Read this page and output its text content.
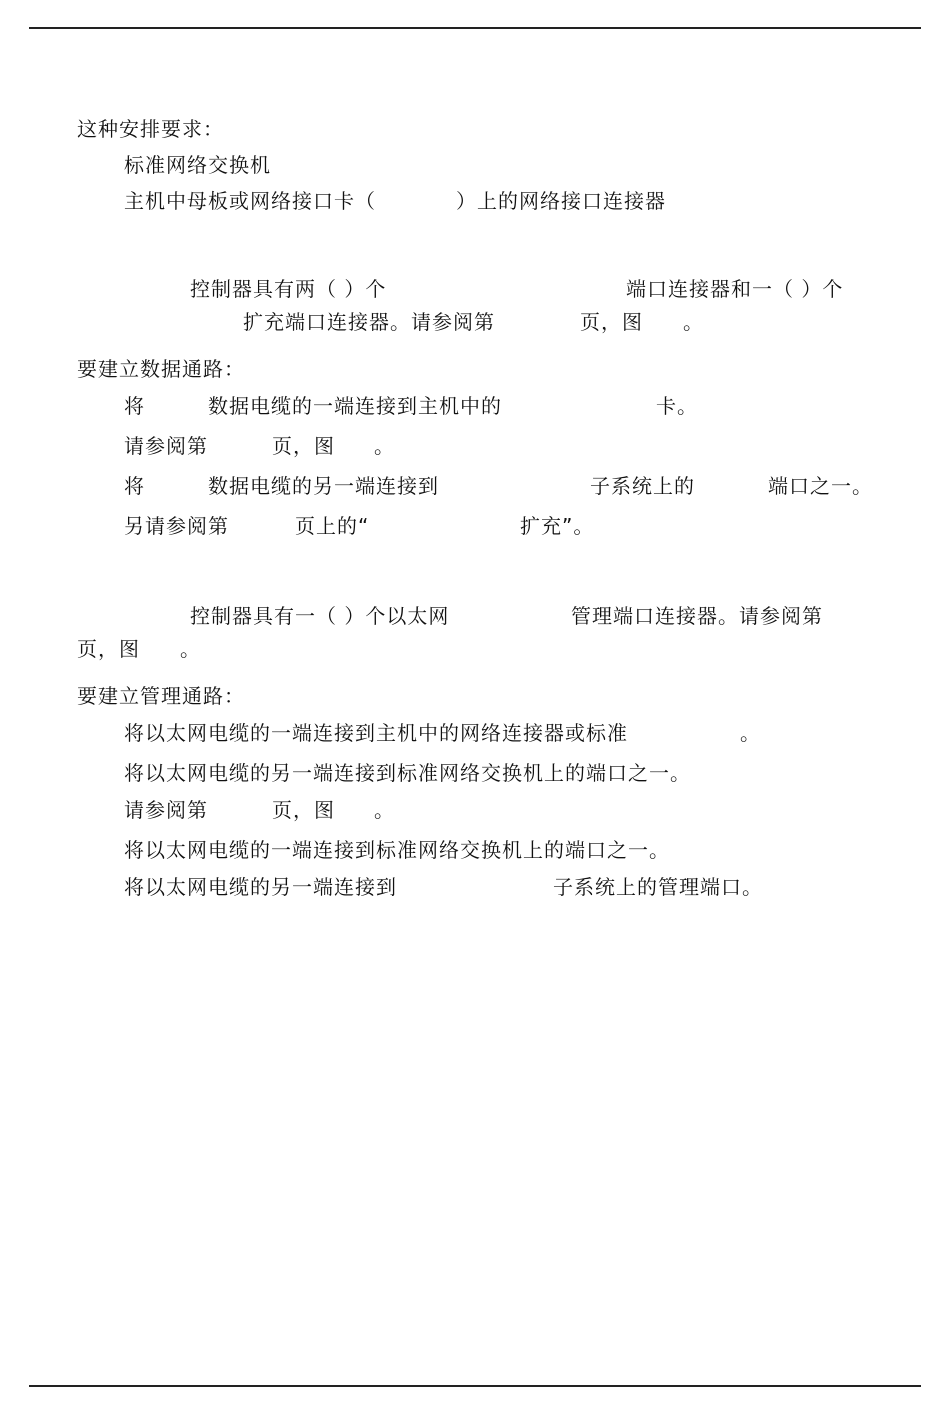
这种安排要求：
标准网络交换机
主机中母板或网络接口卡（	）上的网络接口连接器
控制器具有两（ ）个	端口连接器和一（ ）个
扩充端口连接器。请参阅第	页，图 。
要建立数据通路：
将	数据电缆的一端连接到主机中的	卡。
请参阅第	页，图 。
将	数据电缆的另一端连接到	子系统上的	端口之一。
另请参阅第	页上的“	扩充”。
控制器具有一（ ）个以太网	管理端口连接器。请参阅第
页，图 。
要建立管理通路：
将以太网电缆的一端连接到主机中的网络连接器或标准	。
将以太网电缆的另一端连接到标准网络交换机上的端口之一。
请参阅第	页，图 。
将以太网电缆的一端连接到标准网络交换机上的端口之一。
将以太网电缆的另一端连接到	子系统上的管理端口。
